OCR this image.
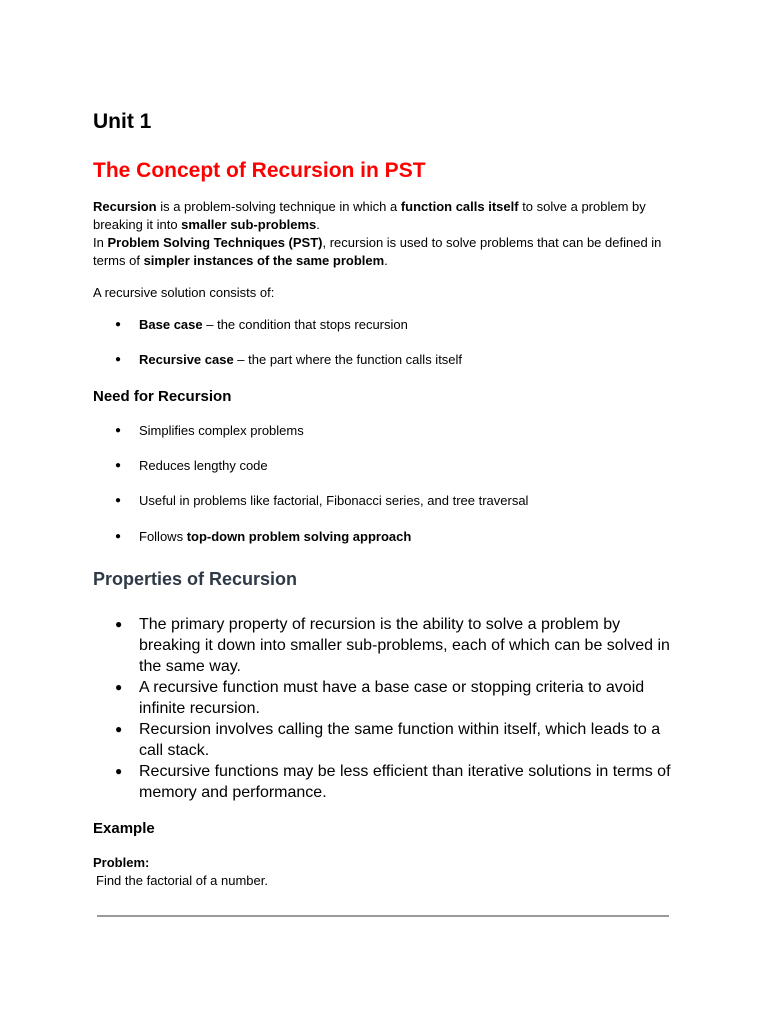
Unit 1
The Concept of Recursion in PST

Recursion is a problem-solving technique in which a function calls itself to solve a problem by breaking it into smaller sub-problems.

In Problem Solving Techniques (PST), recursion is used to solve problems that can be defined in terms of simpler instances of the same problem.

A recursive solution consists of:

● Base case – the condition that stops recursion
● Recursive case – the part where the function calls itself
Need for Recursion
● Simplifies complex problems
● Reduces lengthy code
● Useful in problems like factorial, Fibonacci series, and tree traversal
● Follows top-down problem solving approach
Properties of Recursion
● The primary property of recursion is the ability to solve a problem by breaking it down into smaller sub-problems, each of which can be solved in the same way.
● A recursive function must have a base case or stopping criteria to avoid infinite recursion.
● Recursion involves calling the same function within itself, which leads to a call stack.
● Recursive functions may be less efficient than iterative solutions in terms of memory and performance.
Example

Problem:

Find the factorial of a number.
